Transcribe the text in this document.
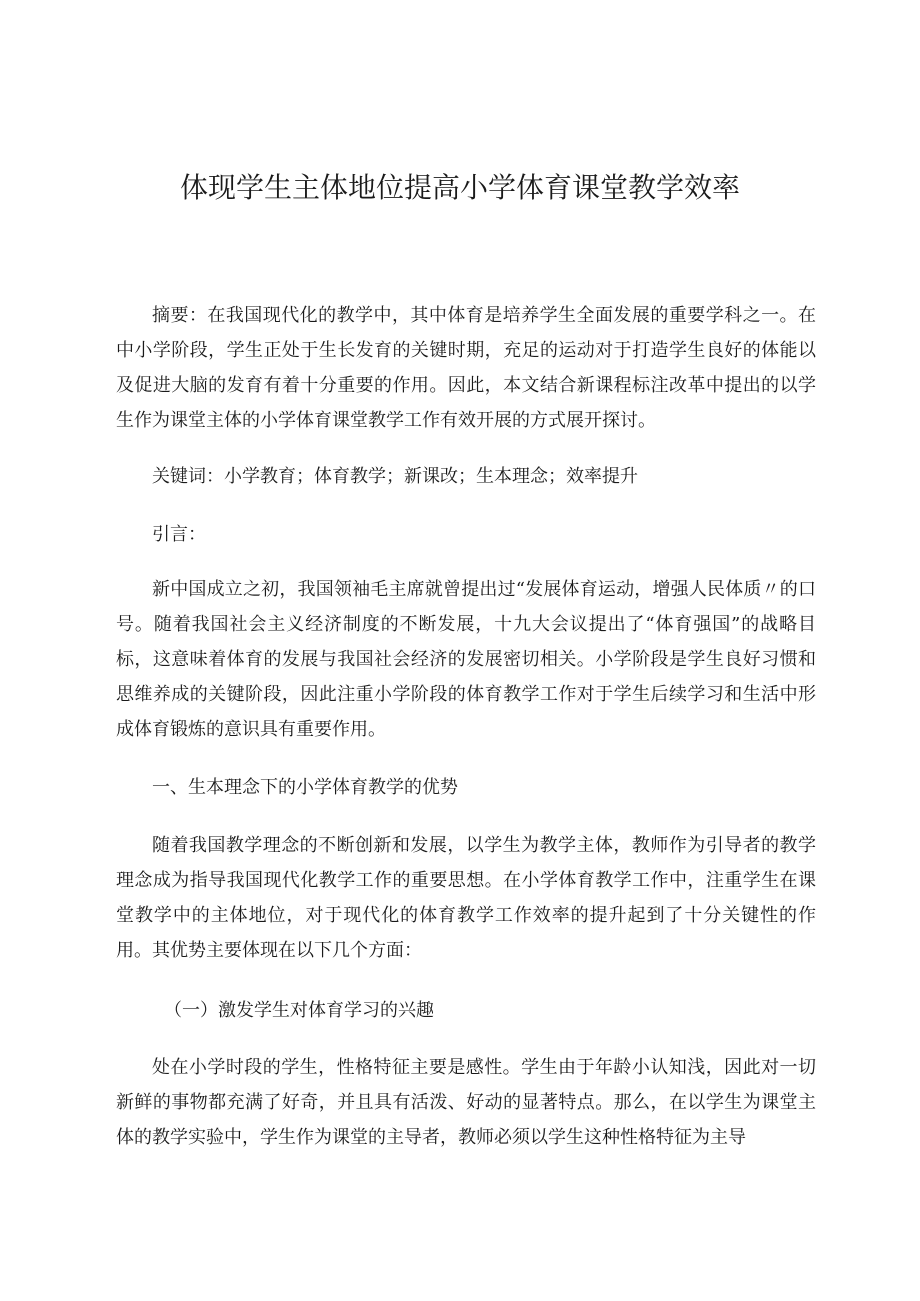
体现学生主体地位提高小学体育课堂教学效率
摘要：在我国现代化的教学中，其中体育是培养学生全面发展的重要学科之一。在中小学阶段，学生正处于生长发育的关键时期，充足的运动对于打造学生良好的体能以及促进大脑的发育有着十分重要的作用。因此，本文结合新课程标注改革中提出的以学生作为课堂主体的小学体育课堂教学工作有效开展的方式展开探讨。
关键词：小学教育；体育教学；新课改；生本理念；效率提升
引言：
新中国成立之初，我国领袖毛主席就曾提出过“发展体育运动，增强人民体质〃的口号。随着我国社会主义经济制度的不断发展，十九大会议提出了“体育强国”的战略目标，这意味着体育的发展与我国社会经济的发展密切相关。小学阶段是学生良好习惯和思维养成的关键阶段，因此注重小学阶段的体育教学工作对于学生后续学习和生活中形成体育锻炼的意识具有重要作用。
一、生本理念下的小学体育教学的优势
随着我国教学理念的不断创新和发展，以学生为教学主体，教师作为引导者的教学理念成为指导我国现代化教学工作的重要思想。在小学体育教学工作中，注重学生在课堂教学中的主体地位，对于现代化的体育教学工作效率的提升起到了十分关键性的作用。其优势主要体现在以下几个方面：
（一）激发学生对体育学习的兴趣
处在小学时段的学生，性格特征主要是感性。学生由于年龄小认知浅，因此对一切新鲜的事物都充满了好奇，并且具有活泼、好动的显著特点。那么，在以学生为课堂主体的教学实验中，学生作为课堂的主导者，教师必须以学生这种性格特征为主导
